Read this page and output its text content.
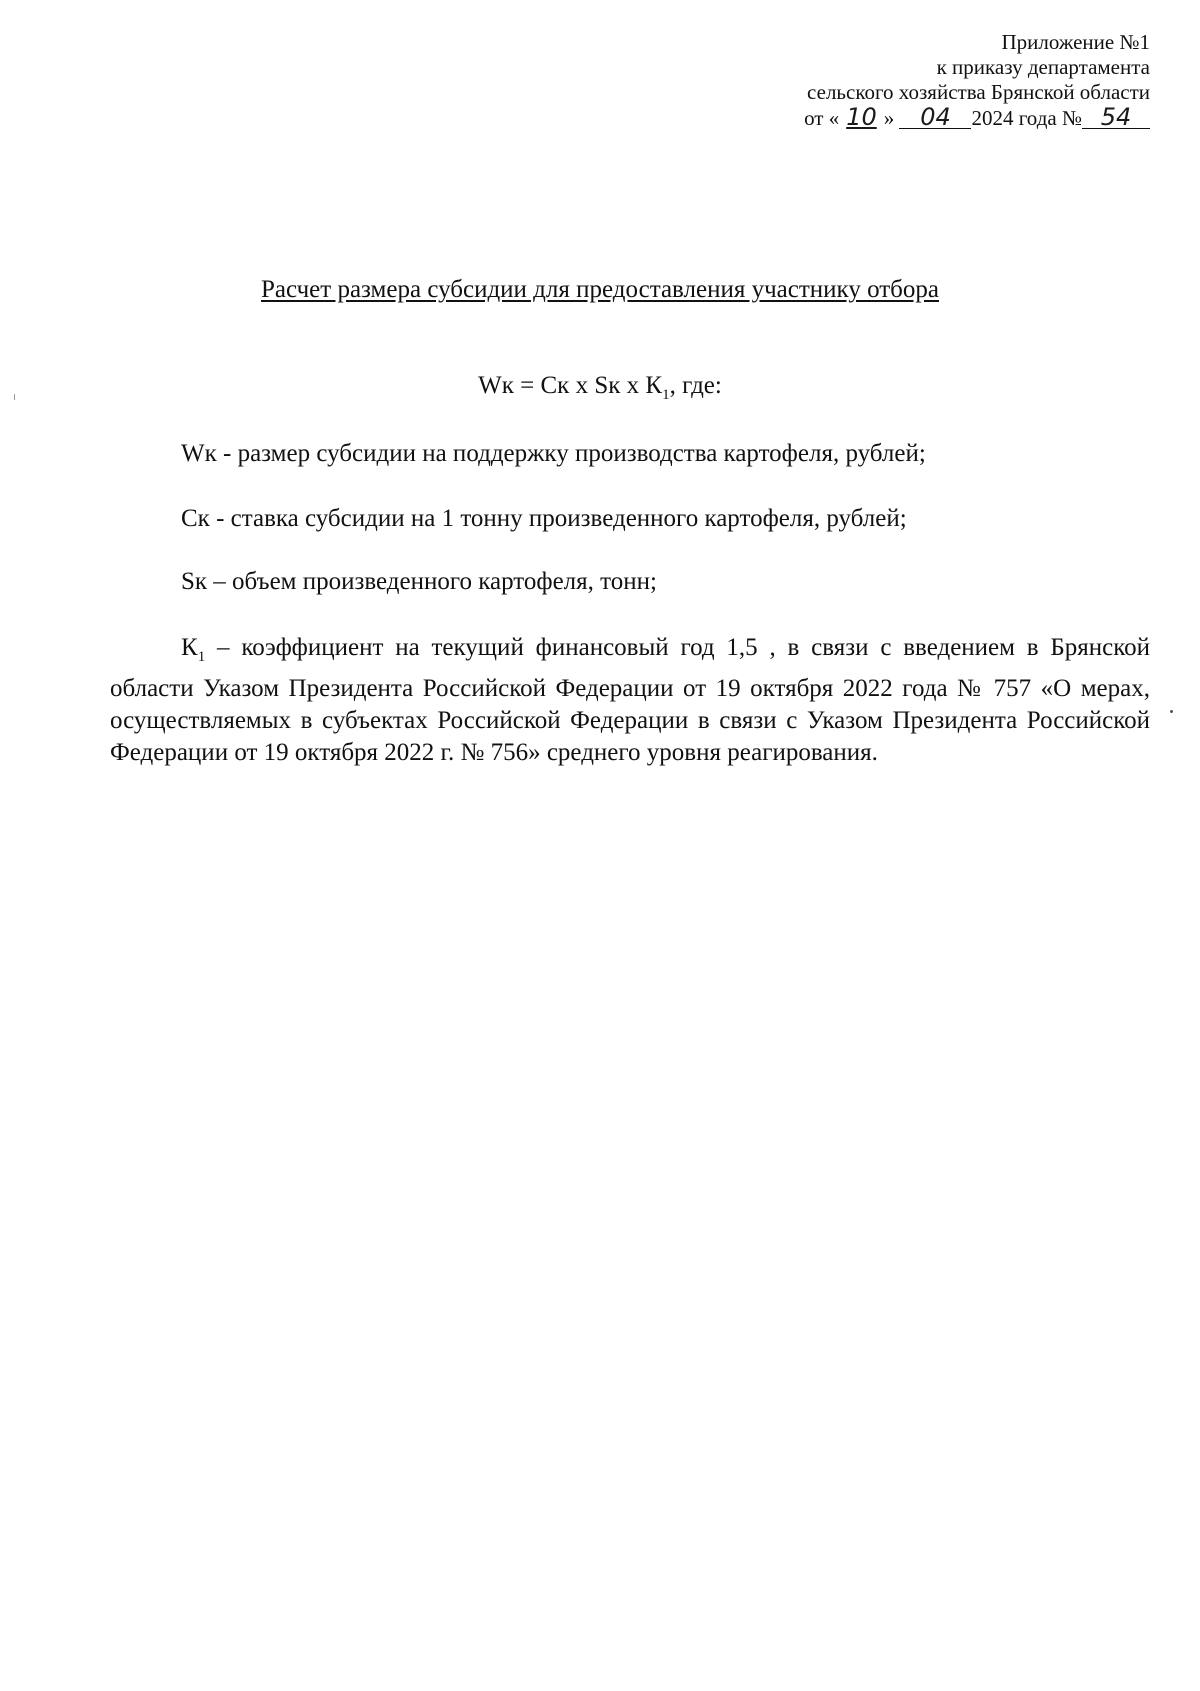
Приложение №1
к приказу департамента
сельского хозяйства Брянской области
от « 10 » 04 2024 года № 54
Расчет размера субсидии для предоставления участнику отбора
Wк = Ск х Sк х $К_1$, где:
Wк - размер субсидии на поддержку производства картофеля, рублей;
Ск - ставка субсидии на 1 тонну произведенного картофеля, рублей;
Sк – объем произведенного картофеля, тонн;
$К_1$ – коэффициент на текущий финансовый год 1,5 , в связи с введением в Брянской области Указом Президента Российской Федерации от 19 октября 2022 года № 757 «О мерах, осуществляемых в субъектах Российской Федерации в связи с Указом Президента Российской Федерации от 19 октября 2022 г. № 756» среднего уровня реагирования.
